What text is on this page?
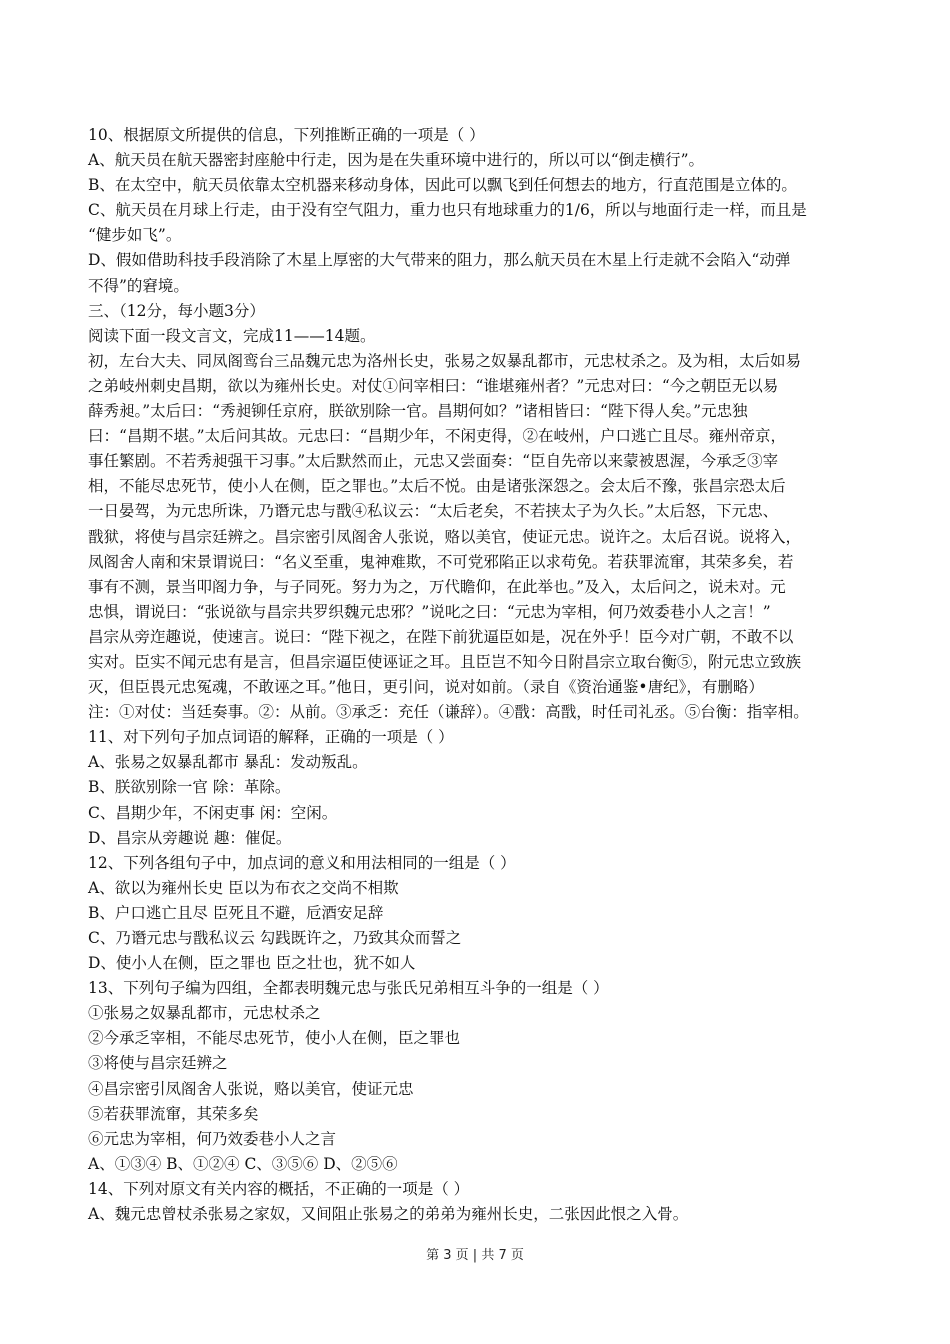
10、根据原文所提供的信息，下列推断正确的一项是（ ）
A、航天员在航天器密封座舱中行走，因为是在失重环境中进行的，所以可以“倒走横行”。
B、在太空中，航天员依靠太空机器来移动身体，因此可以飘飞到任何想去的地方，行直范围是立体的。
C、航天员在月球上行走，由于没有空气阻力，重力也只有地球重力的1/6，所以与地面行走一样，而且是
“健步如飞”。
D、假如借助科技手段消除了木星上厚密的大气带来的阻力，那么航天员在木星上行走就不会陷入“动弹
不得”的窘境。
三、（12分，每小题3分）
阅读下面一段文言文，完成11——14题。
初，左台大夫、同凤阁鸾台三品魏元忠为洛州长史，张易之奴暴乱都市，元忠杖杀之。及为相，太后如易
之弟岐州刺史昌期，欲以为雍州长史。对仗①问宰相曰：“谁堪雍州者？”元忠对曰：“今之朝臣无以易
薛秀昶。”太后曰：“秀昶铆任京府，朕欲别除一官。昌期何如？”诸相皆曰：“陛下得人矣。”元忠独
曰：“昌期不堪。”太后问其故。元忠曰：“昌期少年，不闲吏得，②在岐州，户口逃亡且尽。雍州帝京，
事任繁剧。不若秀昶强干习事。”太后默然而止，元忠又尝面奏：“臣自先帝以来蒙被恩渥，今承乏③宰
相，不能尽忠死节，使小人在侧，臣之罪也。”太后不悦。由是诸张深怨之。会太后不豫，张昌宗恐太后
一日晏驾，为元忠所诛，乃谮元忠与戬④私议云：“太后老矣，不若挟太子为久长。”太后怒，下元忠、
戬狱，将使与昌宗廷辨之。昌宗密引凤阁舍人张说，赂以美官，使证元忠。说许之。太后召说。说将入，
凤阁舍人南和宋景谓说曰：“名义至重，鬼神难欺，不可党邪陷正以求苟免。若获罪流窜，其荣多矣，若
事有不测，景当叩阁力争，与子同死。努力为之，万代瞻仰，在此举也。”及入，太后问之，说未对。元
忠惧，谓说曰：“张说欲与昌宗共罗织魏元忠邪？”说叱之曰：“元忠为宰相，何乃效委巷小人之言！”
昌宗从旁迮趣说，使速言。说曰：“陛下视之，在陛下前犹逼臣如是，况在外乎！臣今对广朝，不敢不以
实对。臣实不闻元忠有是言，但昌宗逼臣使诬证之耳。且臣岂不知今日附昌宗立取台衡⑤，附元忠立致族
灭，但臣畏元忠冤魂，不敢诬之耳。”他日，更引问，说对如前。（录自《资治通鉴•唐纪》，有删略）
注：①对仗：当廷奏事。②：从前。③承乏：充任（谦辞）。④戬：高戬，时任司礼丞。⑤台衡：指宰相。
11、对下列句子加点词语的解释，正确的一项是（ ）
A、张易之奴暴乱都市 暴乱：发动叛乱。
B、朕欲别除一官 除：革除。
C、昌期少年，不闲吏事 闲：空闲。
D、昌宗从旁趣说 趣：催促。
12、下列各组句子中，加点词的意义和用法相同的一组是（ ）
A、欲以为雍州长史 臣以为布衣之交尚不相欺
B、户口逃亡且尽 臣死且不避，卮酒安足辞
C、乃谮元忠与戬私议云 勾践既许之，乃致其众而誓之
D、使小人在侧，臣之罪也 臣之壮也，犹不如人
13、下列句子编为四组，全都表明魏元忠与张氏兄弟相互斗争的一组是（ ）
①张易之奴暴乱都市，元忠杖杀之
②今承乏宰相，不能尽忠死节，使小人在侧，臣之罪也
③将使与昌宗廷辨之
④昌宗密引凤阁舍人张说，赂以美官，使证元忠
⑤若获罪流窜，其荣多矣
⑥元忠为宰相，何乃效委巷小人之言
A、①③④ B、①②④ C、③⑤⑥ D、②⑤⑥
14、下列对原文有关内容的概括，不正确的一项是（ ）
A、魏元忠曾杖杀张易之家奴，又间阻止张易之的弟弟为雍州长史，二张因此恨之入骨。
第 3 页 | 共 7 页
